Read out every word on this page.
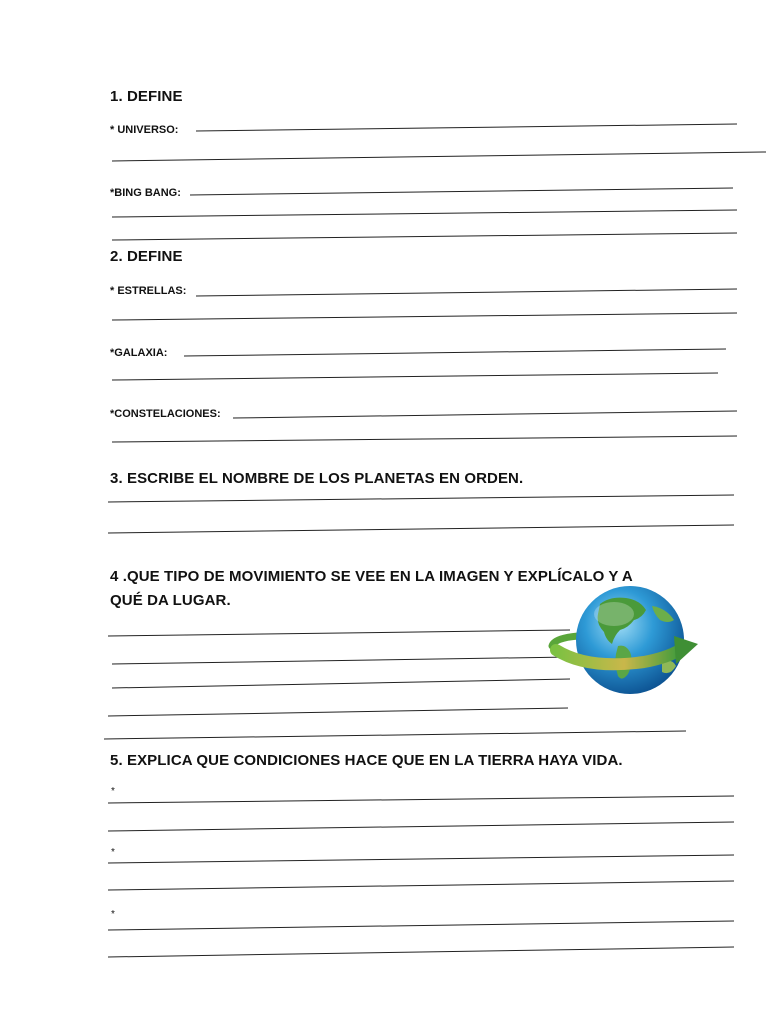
1. DEFINE
* UNIVERSO:
*BING BANG:
2. DEFINE
* ESTRELLAS:
*GALAXIA:
*CONSTELACIONES:
3. ESCRIBE EL NOMBRE DE LOS PLANETAS EN ORDEN.
4 .QUE TIPO DE MOVIMIENTO SE VEE EN LA IMAGEN Y EXPLÍCALO Y A
QUÉ DA LUGAR.
5. EXPLICA QUE CONDICIONES HACE QUE EN LA TIERRA HAYA VIDA.
*
*
*
